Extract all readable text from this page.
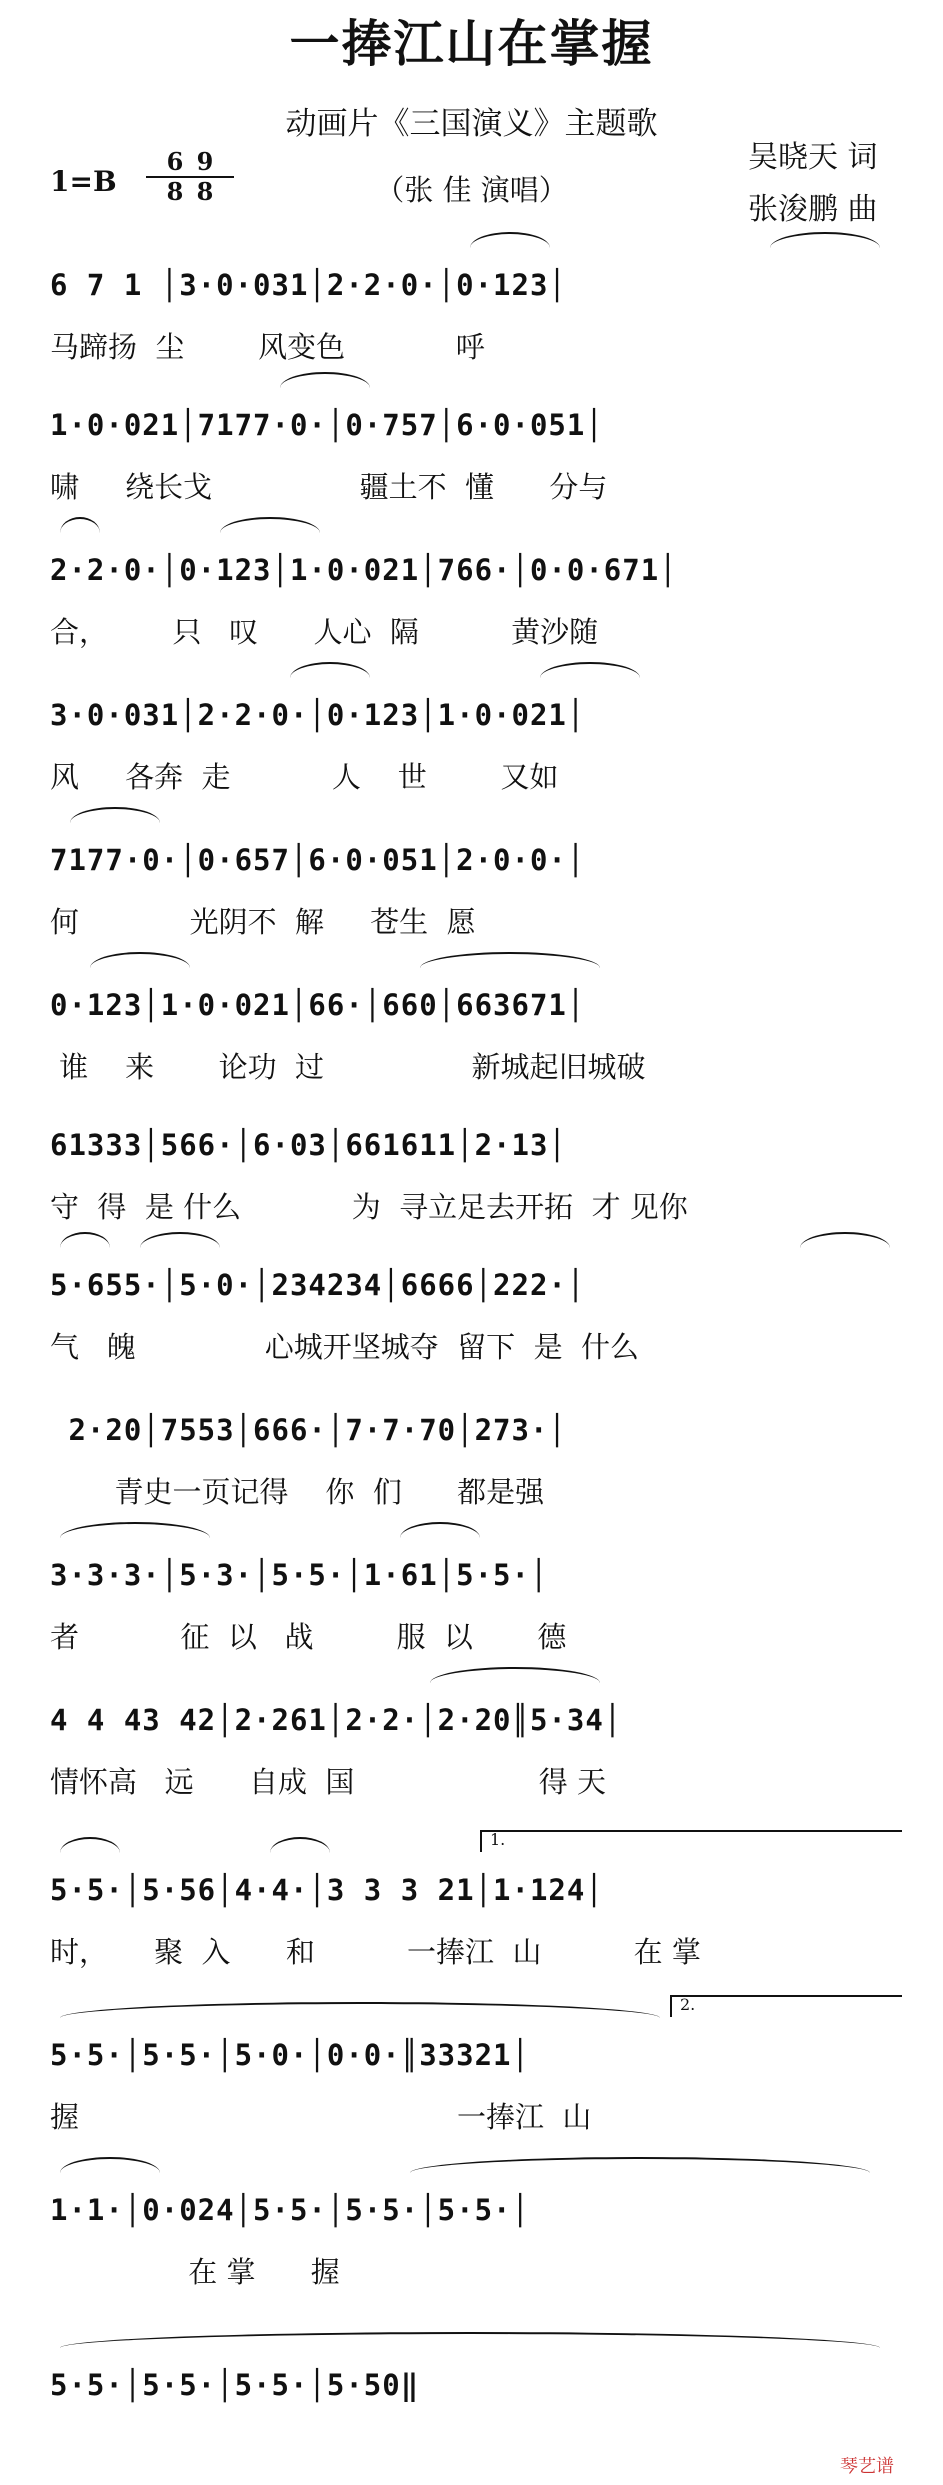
一捧江山在掌握
动画片《三国演义》主题歌
（张 佳 演唱）
吴晓天 词
张浚鹏 曲
1=B
6
8
9
8
6 7 1 │3·0·031│2·2·0·│0·123│
马蹄扬  尘        风变色            呼
1·0·021│7177·0·│0·757│6·0·051│
啸     绕长戈                疆土不  懂      分与
2·2·0·│0·123│1·0·021│766·│0·0·671│
合，       只   叹      人心  隔          黄沙随
3·0·031│2·2·0·│0·123│1·0·021│
风     各奔  走           人    世        又如
7177·0·│0·657│6·0·051│2·0·0·│
何            光阴不  解     苍生  愿
0·123│1·0·021│66·│660│663671│
谁    来       论功  过                新城起旧城破
61333│566·│6·03│661611│2·13│
守  得  是 什么            为  寻立足去开拓  才 见你
5·655·│5·0·│234234│6666│222·│
气   魄              心城开坚城夺  留下  是  什么
2·20│7553│666·│7·7·70│273·│
青史一页记得    你  们      都是强
3·3·3·│5·3·│5·5·│1·61│5·5·│
者           征  以   战         服  以       德
4 4 43 42│2·261│2·2·│2·20║5·34│
情怀高   远      自成  国                    得 天
5·5·│5·56│4·4·│3 3 3 21│1·124│
时，     聚  入      和          一捧江  山          在 掌
5·5·│5·5·│5·0·│0·0·║33321│
握                                         一捧江  山
1·1·│0·024│5·5·│5·5·│5·5·│
在 掌      握
5·5·│5·5·│5·5·│5·50‖
1.
2.
琴艺谱
